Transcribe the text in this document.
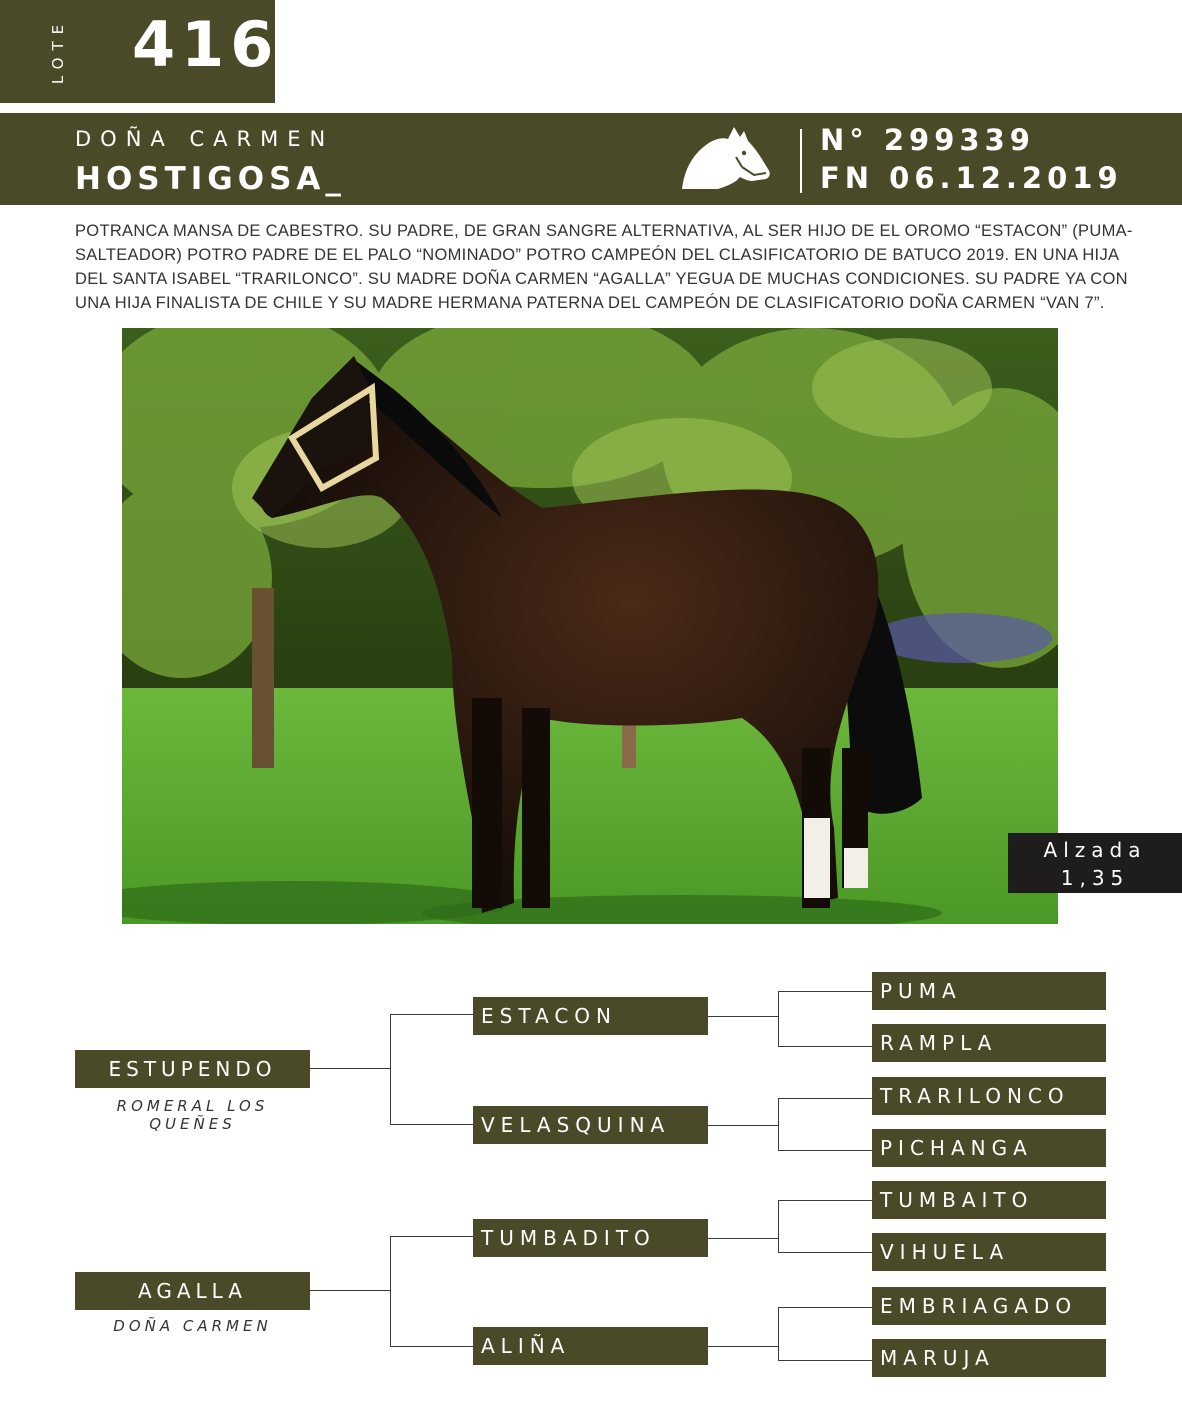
LOTE 416
DOÑA CARMEN
HOSTIGOSA_
N° 299339
FN 06.12.2019
POTRANCA MANSA DE CABESTRO. SU PADRE, DE GRAN SANGRE ALTERNATIVA, AL SER HIJO DE EL OROMO “ESTACON” (PUMA-SALTEADOR) POTRO PADRE DE EL PALO “NOMINADO” POTRO CAMPEÓN DEL CLASIFICATORIO DE BATUCO 2019. EN UNA HIJA DEL SANTA ISABEL “TRARILONCO”. SU MADRE DOÑA CARMEN “AGALLA” YEGUA DE MUCHAS CONDICIONES. SU PADRE YA CON UNA HIJA FINALISTA DE CHILE Y SU MADRE HERMANA PATERNA DEL CAMPEÓN DE CLASIFICATORIO DOÑA CARMEN “VAN 7”.
Alzada
1,35
ESTUPENDO
ROMERAL LOS
QUEÑES
AGALLA
DOÑA CARMEN
ESTACON
VELASQUINA
TUMBADITO
ALIÑA
PUMA
RAMPLA
TRARILONCO
PICHANGA
TUMBAITO
VIHUELA
EMBRIAGADO
MARUJA
